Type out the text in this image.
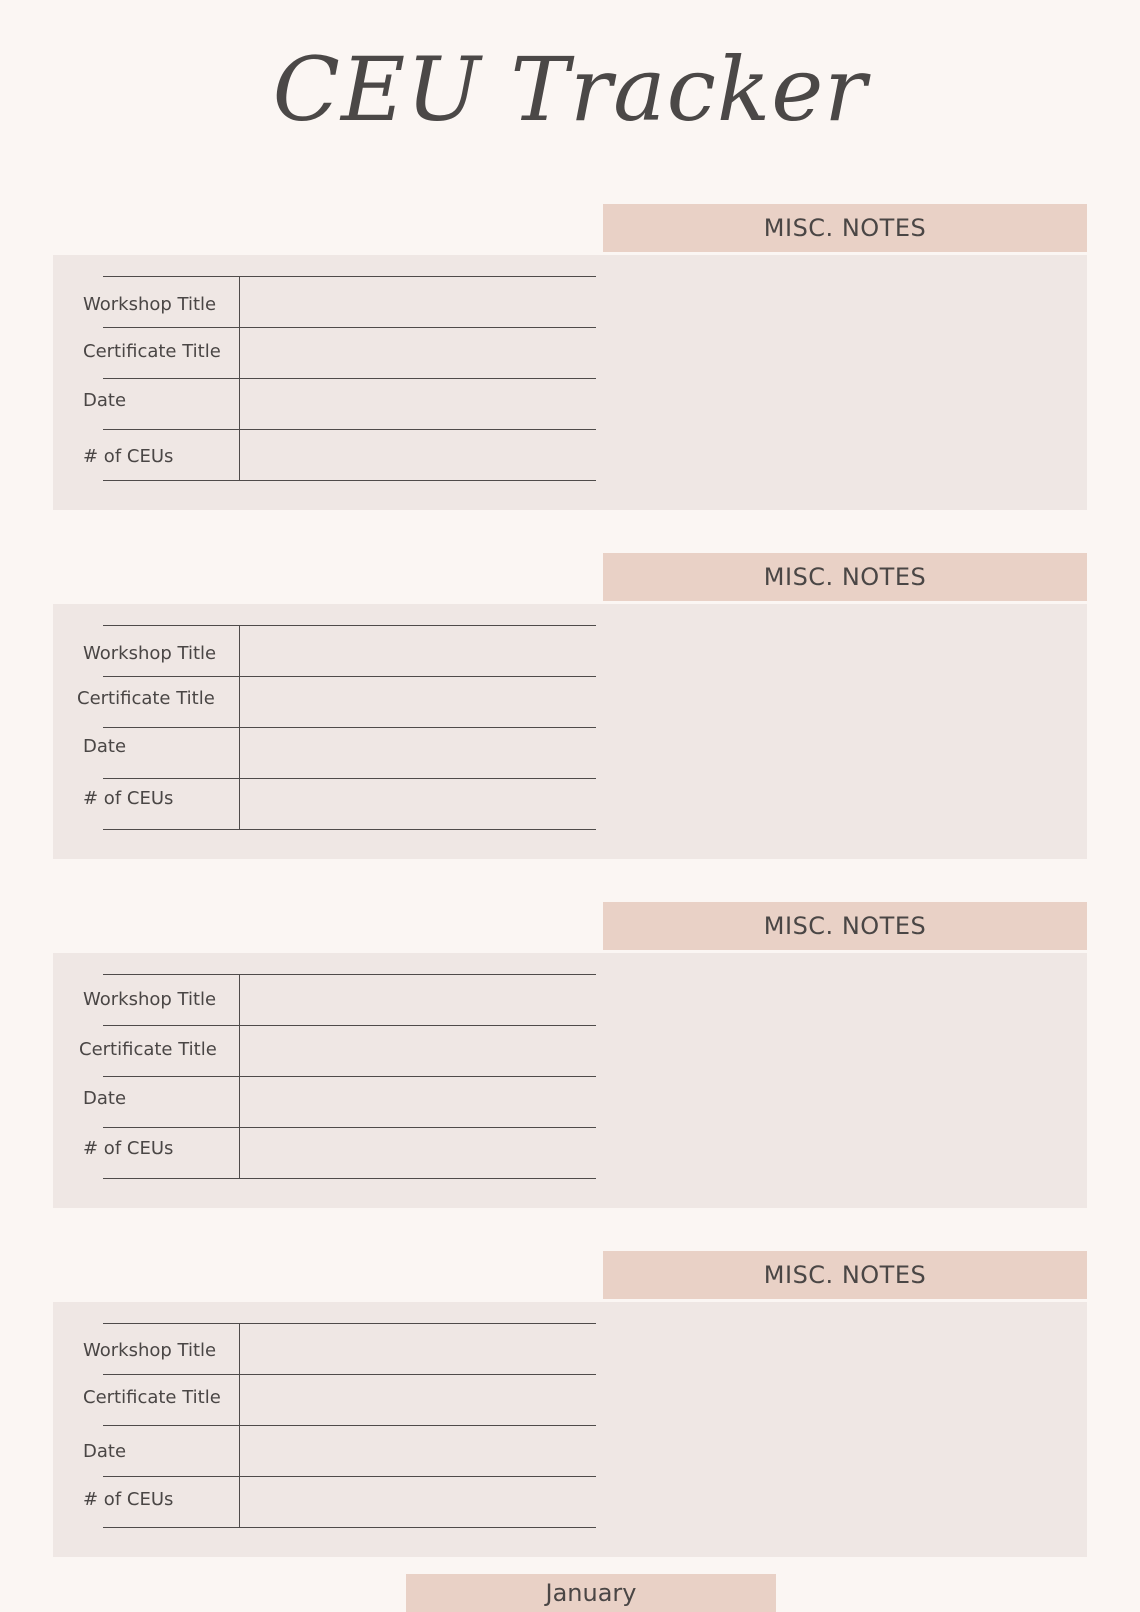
CEU Tracker
MISC. NOTES
Workshop Title
Certificate Title
Date
# of CEUs
MISC. NOTES
Workshop Title
Certificate Title
Date
# of CEUs
MISC. NOTES
Workshop Title
Certificate Title
Date
# of CEUs
MISC. NOTES
Workshop Title
Certificate Title
Date
# of CEUs
January
